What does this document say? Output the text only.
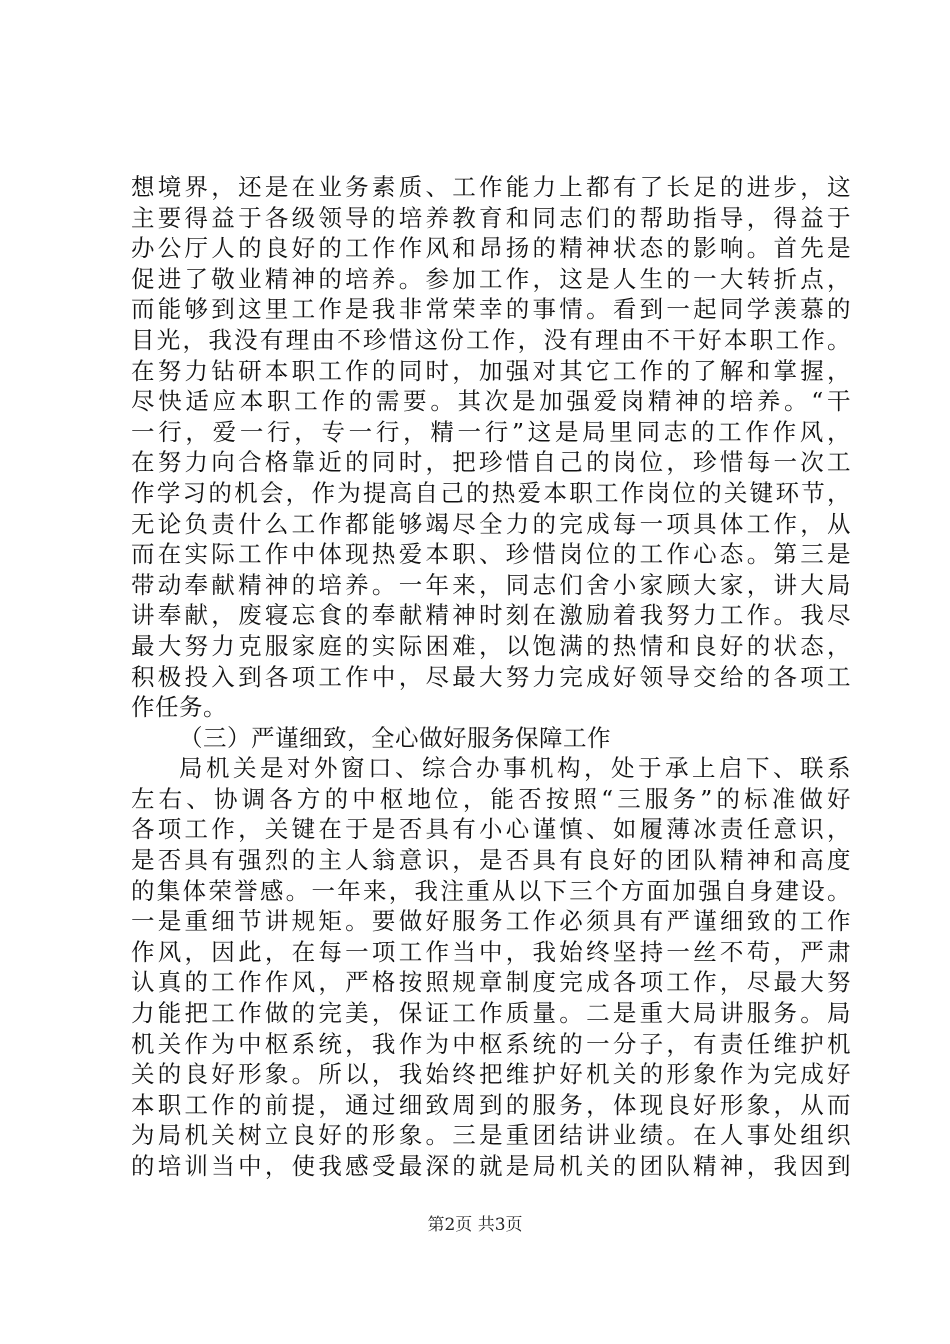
想境界，还是在业务素质、工作能力上都有了长足的进步，这
主要得益于各级领导的培养教育和同志们的帮助指导，得益于
办公厅人的良好的工作作风和昂扬的精神状态的影响。首先是
促进了敬业精神的培养。参加工作，这是人生的一大转折点，
而能够到这里工作是我非常荣幸的事情。看到一起同学羡慕的
目光，我没有理由不珍惜这份工作，没有理由不干好本职工作。
在努力钻研本职工作的同时，加强对其它工作的了解和掌握，
尽快适应本职工作的需要。其次是加强爱岗精神的培养。“干
一行，爱一行，专一行，精一行”这是局里同志的工作作风，
在努力向合格靠近的同时，把珍惜自己的岗位，珍惜每一次工
作学习的机会，作为提高自己的热爱本职工作岗位的关键环节，
无论负责什么工作都能够竭尽全力的完成每一项具体工作，从
而在实际工作中体现热爱本职、珍惜岗位的工作心态。第三是
带动奉献精神的培养。一年来，同志们舍小家顾大家，讲大局
讲奉献，废寝忘食的奉献精神时刻在激励着我努力工作。我尽
最大努力克服家庭的实际困难，以饱满的热情和良好的状态，
积极投入到各项工作中，尽最大努力完成好领导交给的各项工
作任务。
（三）严谨细致，全心做好服务保障工作
局机关是对外窗口、综合办事机构，处于承上启下、联系
左右、协调各方的中枢地位，能否按照“三服务”的标准做好
各项工作，关键在于是否具有小心谨慎、如履薄冰责任意识，
是否具有强烈的主人翁意识，是否具有良好的团队精神和高度
的集体荣誉感。一年来，我注重从以下三个方面加强自身建设。
一是重细节讲规矩。要做好服务工作必须具有严谨细致的工作
作风，因此，在每一项工作当中，我始终坚持一丝不苟，严肃
认真的工作作风，严格按照规章制度完成各项工作，尽最大努
力能把工作做的完美，保证工作质量。二是重大局讲服务。局
机关作为中枢系统，我作为中枢系统的一分子，有责任维护机
关的良好形象。所以，我始终把维护好机关的形象作为完成好
本职工作的前提，通过细致周到的服务，体现良好形象，从而
为局机关树立良好的形象。三是重团结讲业绩。在人事处组织
的培训当中，使我感受最深的就是局机关的团队精神，我因到
第2页 共3页
